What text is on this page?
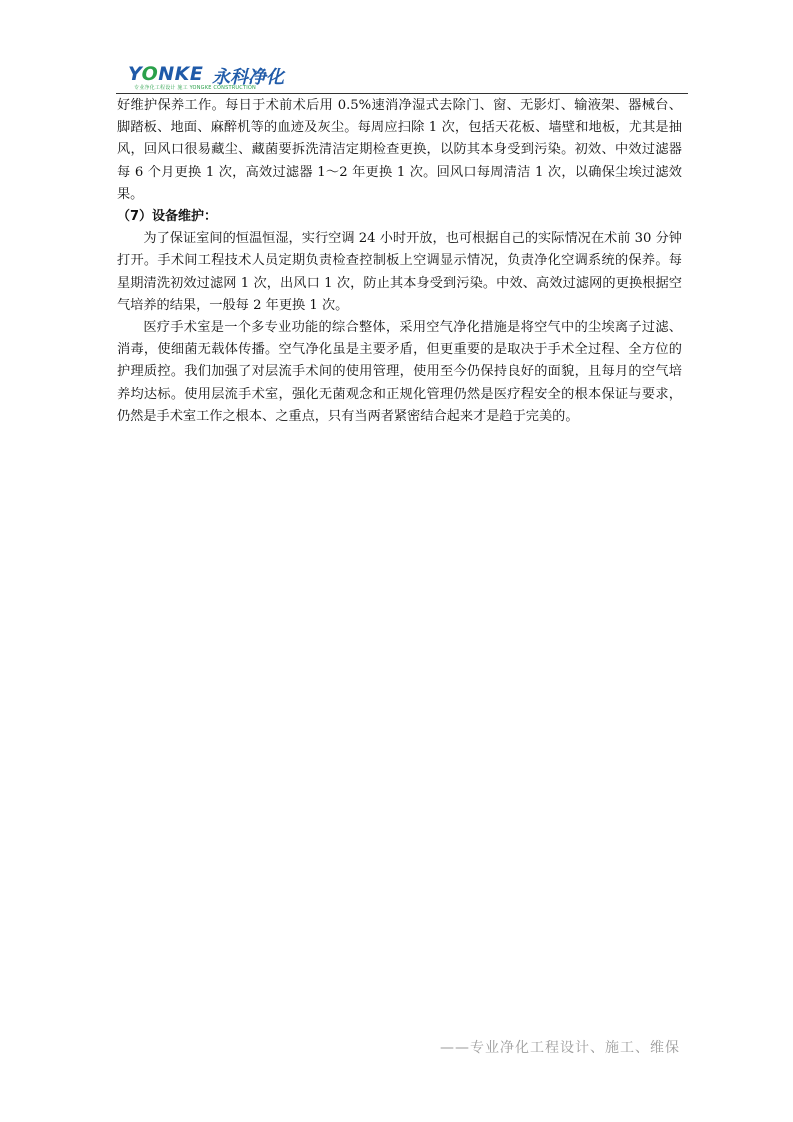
YONKE 永科净化
专业净化工程设计 施工 YONGKE CONSTRUCTION

好维护保养工作。每日于术前术后用 0.5%速消净湿式去除门、窗、无影灯、输液架、器械台、脚踏板、地面、麻醉机等的血迹及灰尘。每周应扫除 1 次，包括天花板、墙壁和地板，尤其是抽风，回风口很易藏尘、藏菌要拆洗清洁定期检查更换，以防其本身受到污染。初效、中效过滤器每 6 个月更换 1 次，高效过滤器 1～2 年更换 1 次。回风口每周清洁 1 次，以确保尘埃过滤效果。

（7）设备维护：

为了保证室间的恒温恒湿，实行空调 24 小时开放，也可根据自己的实际情况在术前 30 分钟打开。手术间工程技术人员定期负责检查控制板上空调显示情况，负责净化空调系统的保养。每星期清洗初效过滤网 1 次，出风口 1 次，防止其本身受到污染。中效、高效过滤网的更换根据空气培养的结果，一般每 2 年更换 1 次。

医疗手术室是一个多专业功能的综合整体，采用空气净化措施是将空气中的尘埃离子过滤、消毒，使细菌无载体传播。空气净化虽是主要矛盾，但更重要的是取决于手术全过程、全方位的护理质控。我们加强了对层流手术间的使用管理，使用至今仍保持良好的面貌，且每月的空气培养均达标。使用层流手术室，强化无菌观念和正规化管理仍然是医疗程安全的根本保证与要求，仍然是手术室工作之根本、之重点，只有当两者紧密结合起来才是趋于完美的。

——专业净化工程设计、施工、维保
